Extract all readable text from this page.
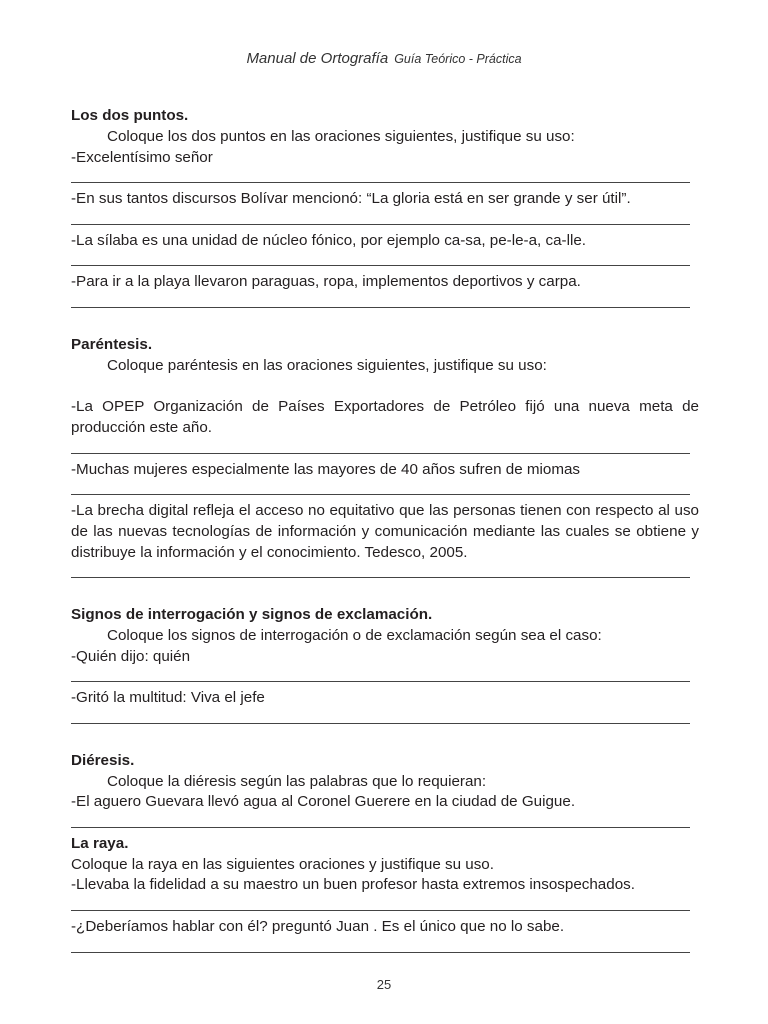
Manual de Ortografía Guía Teórico - Práctica

Los dos puntos.

Coloque los dos puntos en las oraciones siguientes, justifique su uso:

-Excelentísimo señor

-En sus tantos discursos Bolívar mencionó: “La gloria está en ser grande y ser útil”.

-La sílaba es una unidad de núcleo fónico, por ejemplo ca-sa, pe-le-a, ca-lle.

-Para ir a la playa llevaron paraguas, ropa, implementos deportivos y carpa.

Paréntesis.

Coloque paréntesis en las oraciones siguientes, justifique su uso:

-La OPEP Organización de Países Exportadores de Petróleo fijó una nueva meta de producción este año.

-Muchas mujeres especialmente las mayores de 40 años sufren de miomas

-La brecha digital refleja el acceso no equitativo que las personas tienen con respecto al uso de las nuevas tecnologías de información y comunicación mediante las cuales se obtiene y distribuye la información y el conocimiento. Tedesco, 2005.

Signos de interrogación y signos de exclamación.

Coloque los signos de interrogación o de exclamación según sea el caso:

-Quién dijo: quién

-Gritó la multitud: Viva el jefe

Diéresis.

Coloque la diéresis según las palabras que lo requieran:

-El aguero Guevara llevó agua al Coronel Guerere en la ciudad de Guigue.

La raya.

Coloque la raya en las siguientes oraciones y justifique su uso.

-Llevaba la fidelidad a su maestro un buen profesor hasta extremos insospechados.

-¿Deberíamos hablar con él? preguntó Juan . Es el único que no lo sabe.

25
